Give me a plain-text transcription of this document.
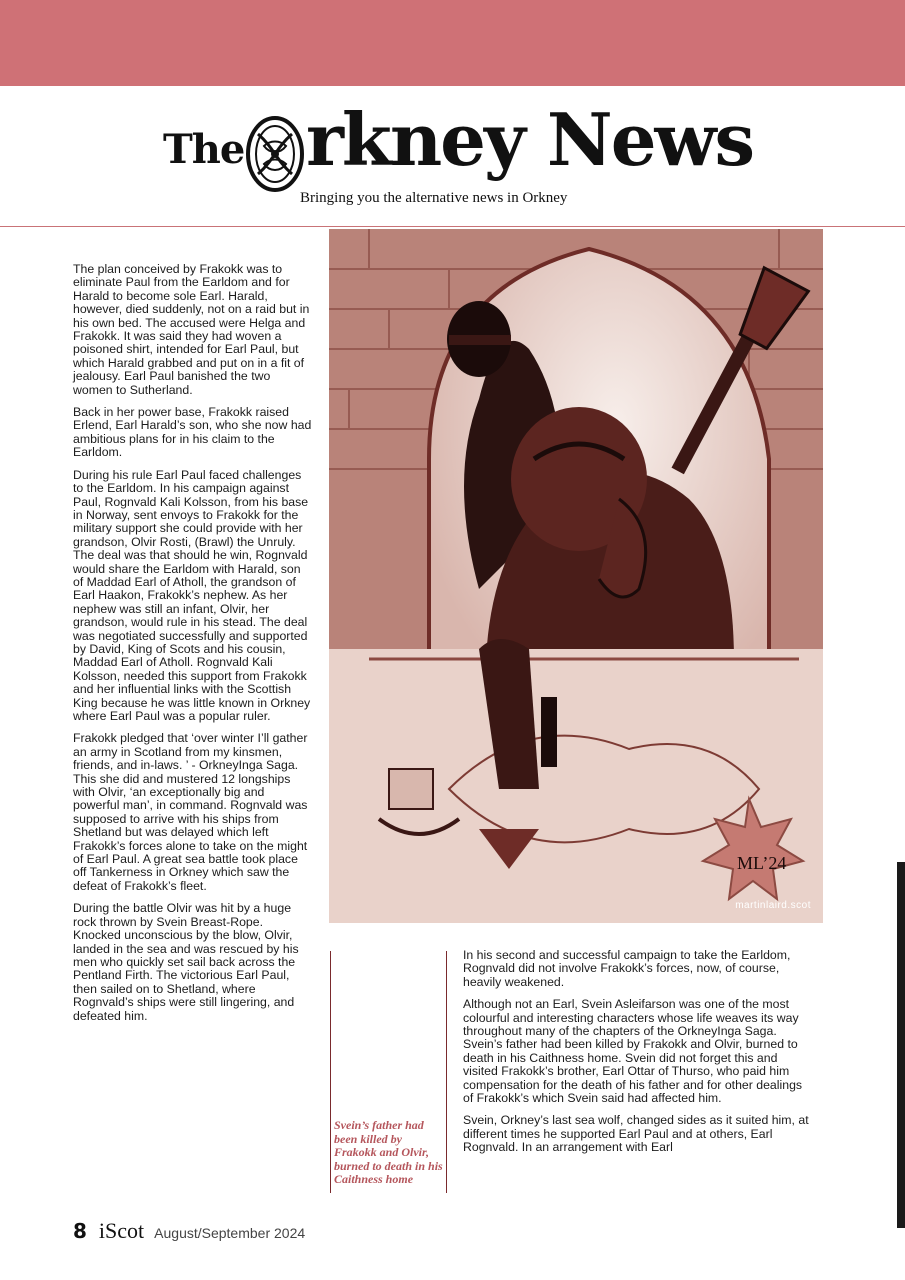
The rkney News
Bringing you the alternative news in Orkney

The plan conceived by Frakokk was to eliminate Paul from the Earldom and for Harald to become sole Earl. Harald, however, died suddenly, not on a raid but in his own bed. The accused were Helga and Frakokk. It was said they had woven a poisoned shirt, intended for Earl Paul, but which Harald grabbed and put on in a fit of jealousy. Earl Paul banished the two women to Sutherland.

Back in her power base, Frakokk raised Erlend, Earl Harald’s son, who she now had ambitious plans for in his claim to the Earldom.

During his rule Earl Paul faced challenges to the Earldom. In his campaign against Paul, Rognvald Kali Kolsson, from his base in Norway, sent envoys to Frakokk for the military support she could provide with her grandson, Olvir Rosti, (Brawl) the Unruly. The deal was that should he win, Rognvald would share the Earldom with Harald, son of Maddad Earl of Atholl, the grandson of Earl Haakon, Frakokk’s nephew. As her nephew was still an infant, Olvir, her grandson, would rule in his stead. The deal was negotiated successfully and supported by David, King of Scots and his cousin, Maddad Earl of Atholl. Rognvald Kali Kolsson, needed this support from Frakokk and her influential links with the Scottish King because he was little known in Orkney where Earl Paul was a popular ruler.

Frakokk pledged that ‘over winter I’ll gather an army in Scotland from my kinsmen, friends, and in-laws. ’ - OrkneyInga Saga. This she did and mustered 12 longships with Olvir, ‘an exceptionally big and powerful man’, in command. Rognvald was supposed to arrive with his ships from Shetland but was delayed which left Frakokk’s forces alone to take on the might of Earl Paul. A great sea battle took place off Tankerness in Orkney which saw the defeat of Frakokk’s fleet.

During the battle Olvir was hit by a huge rock thrown by Svein Breast-Rope. Knocked unconscious by the blow, Olvir, landed in the sea and was rescued by his men who quickly set sail back across the Pentland Firth. The victorious Earl Paul, then sailed on to Shetland, where Rognvald’s ships were still lingering, and defeated him.

ML’24
martinlaird.scot
Svein’s father had been killed by Frakokk and Olvir, burned to death in his Caithness home

In his second and successful campaign to take the Earldom, Rognvald did not involve Frakokk’s forces, now, of course, heavily weakened.

Although not an Earl, Svein Asleifarson was one of the most colourful and interesting characters whose life weaves its way throughout many of the chapters of the OrkneyInga Saga. Svein’s father had been killed by Frakokk and Olvir, burned to death in his Caithness home. Svein did not forget this and visited Frakokk’s brother, Earl Ottar of Thurso, who paid him compensation for the death of his father and for other dealings of Frakokk’s which Svein said had affected him.

Svein, Orkney’s last sea wolf, changed sides as it suited him, at different times he supported Earl Paul and at others, Earl Rognvald. In an arrangement with Earl

8 iScot August/September 2024
